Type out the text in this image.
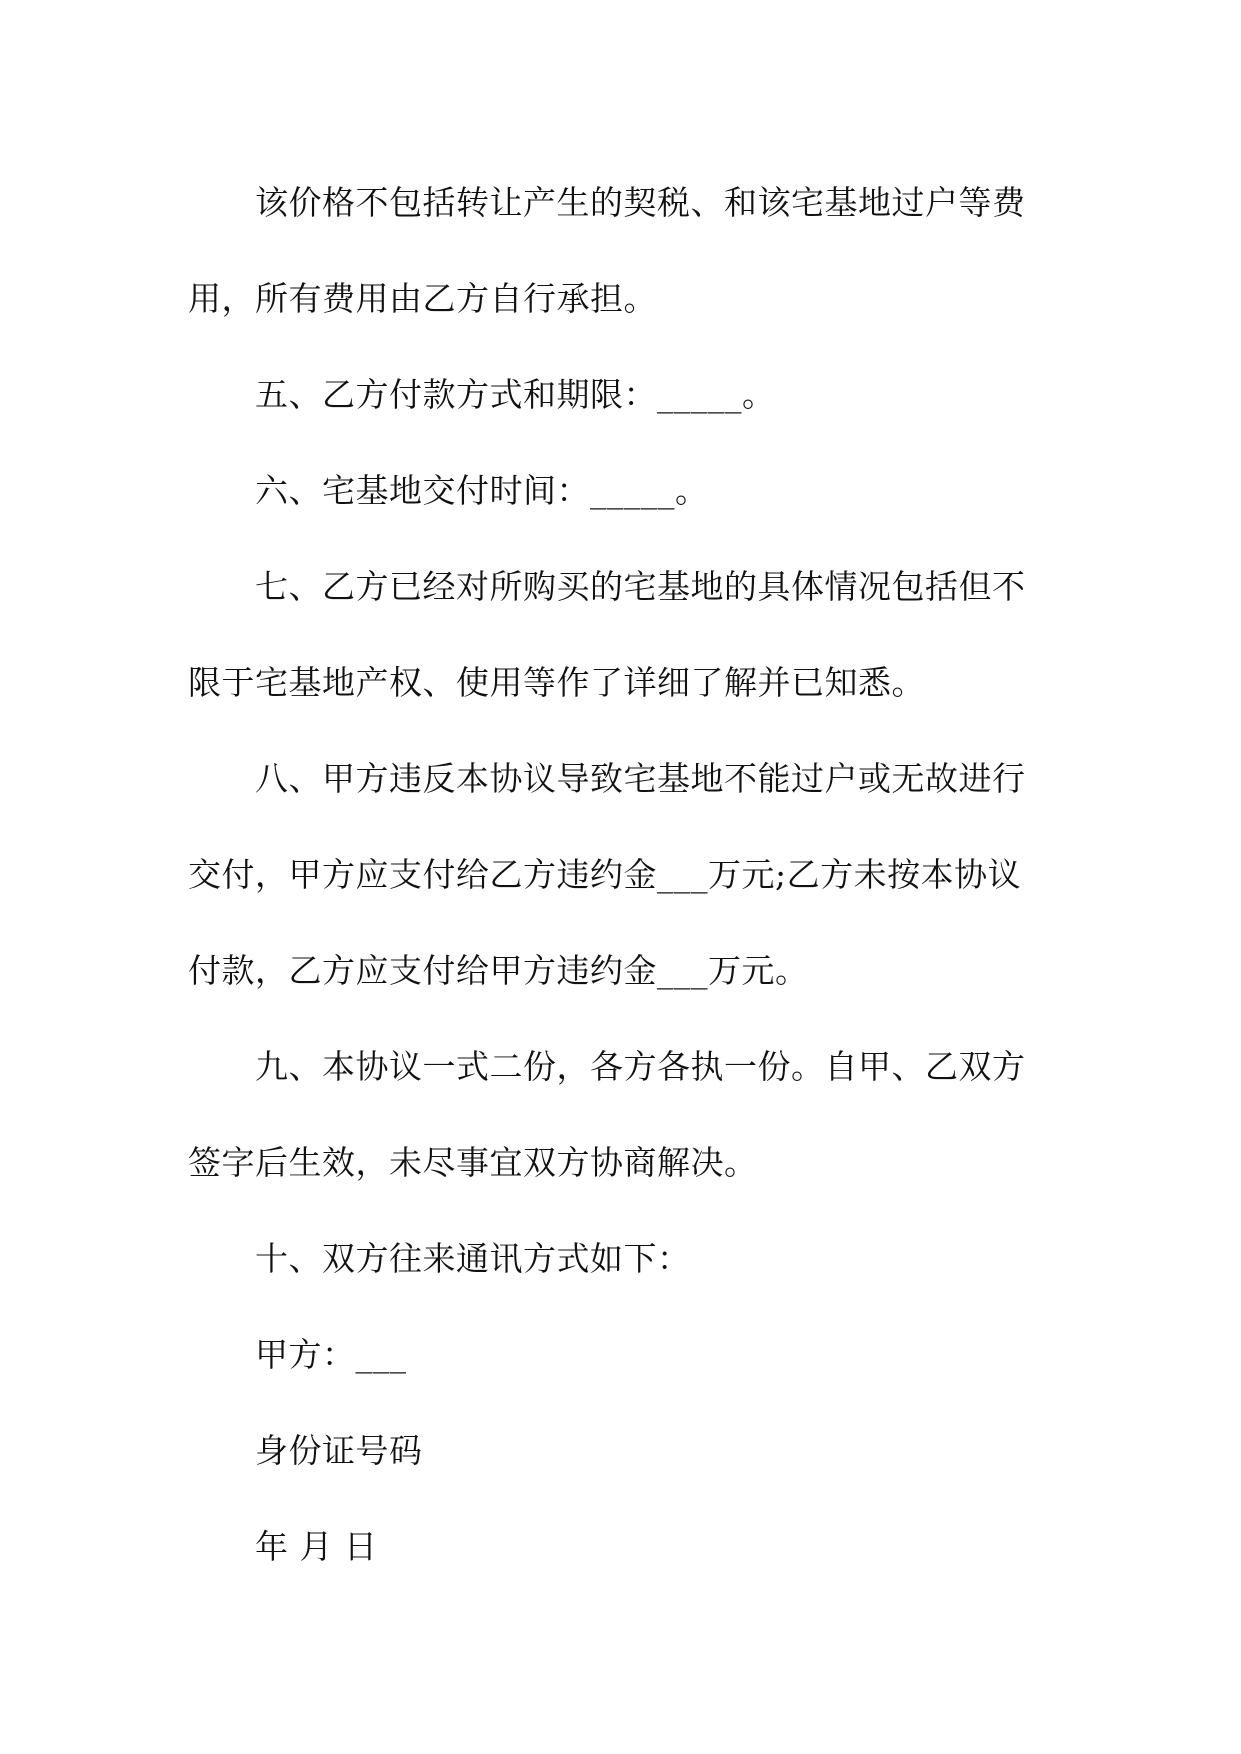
该价格不包括转让产生的契税、和该宅基地过户等费
用，所有费用由乙方自行承担。
五、乙方付款方式和期限：_____。
六、宅基地交付时间：_____。
七、乙方已经对所购买的宅基地的具体情况包括但不
限于宅基地产权、使用等作了详细了解并已知悉。
八、甲方违反本协议导致宅基地不能过户或无故进行
交付，甲方应支付给乙方违约金___万元;乙方未按本协议
付款，乙方应支付给甲方违约金___万元。
九、本协议一式二份，各方各执一份。自甲、乙双方
签字后生效，未尽事宜双方协商解决。
十、双方往来通讯方式如下：
甲方：___
身份证号码
年 月 日
